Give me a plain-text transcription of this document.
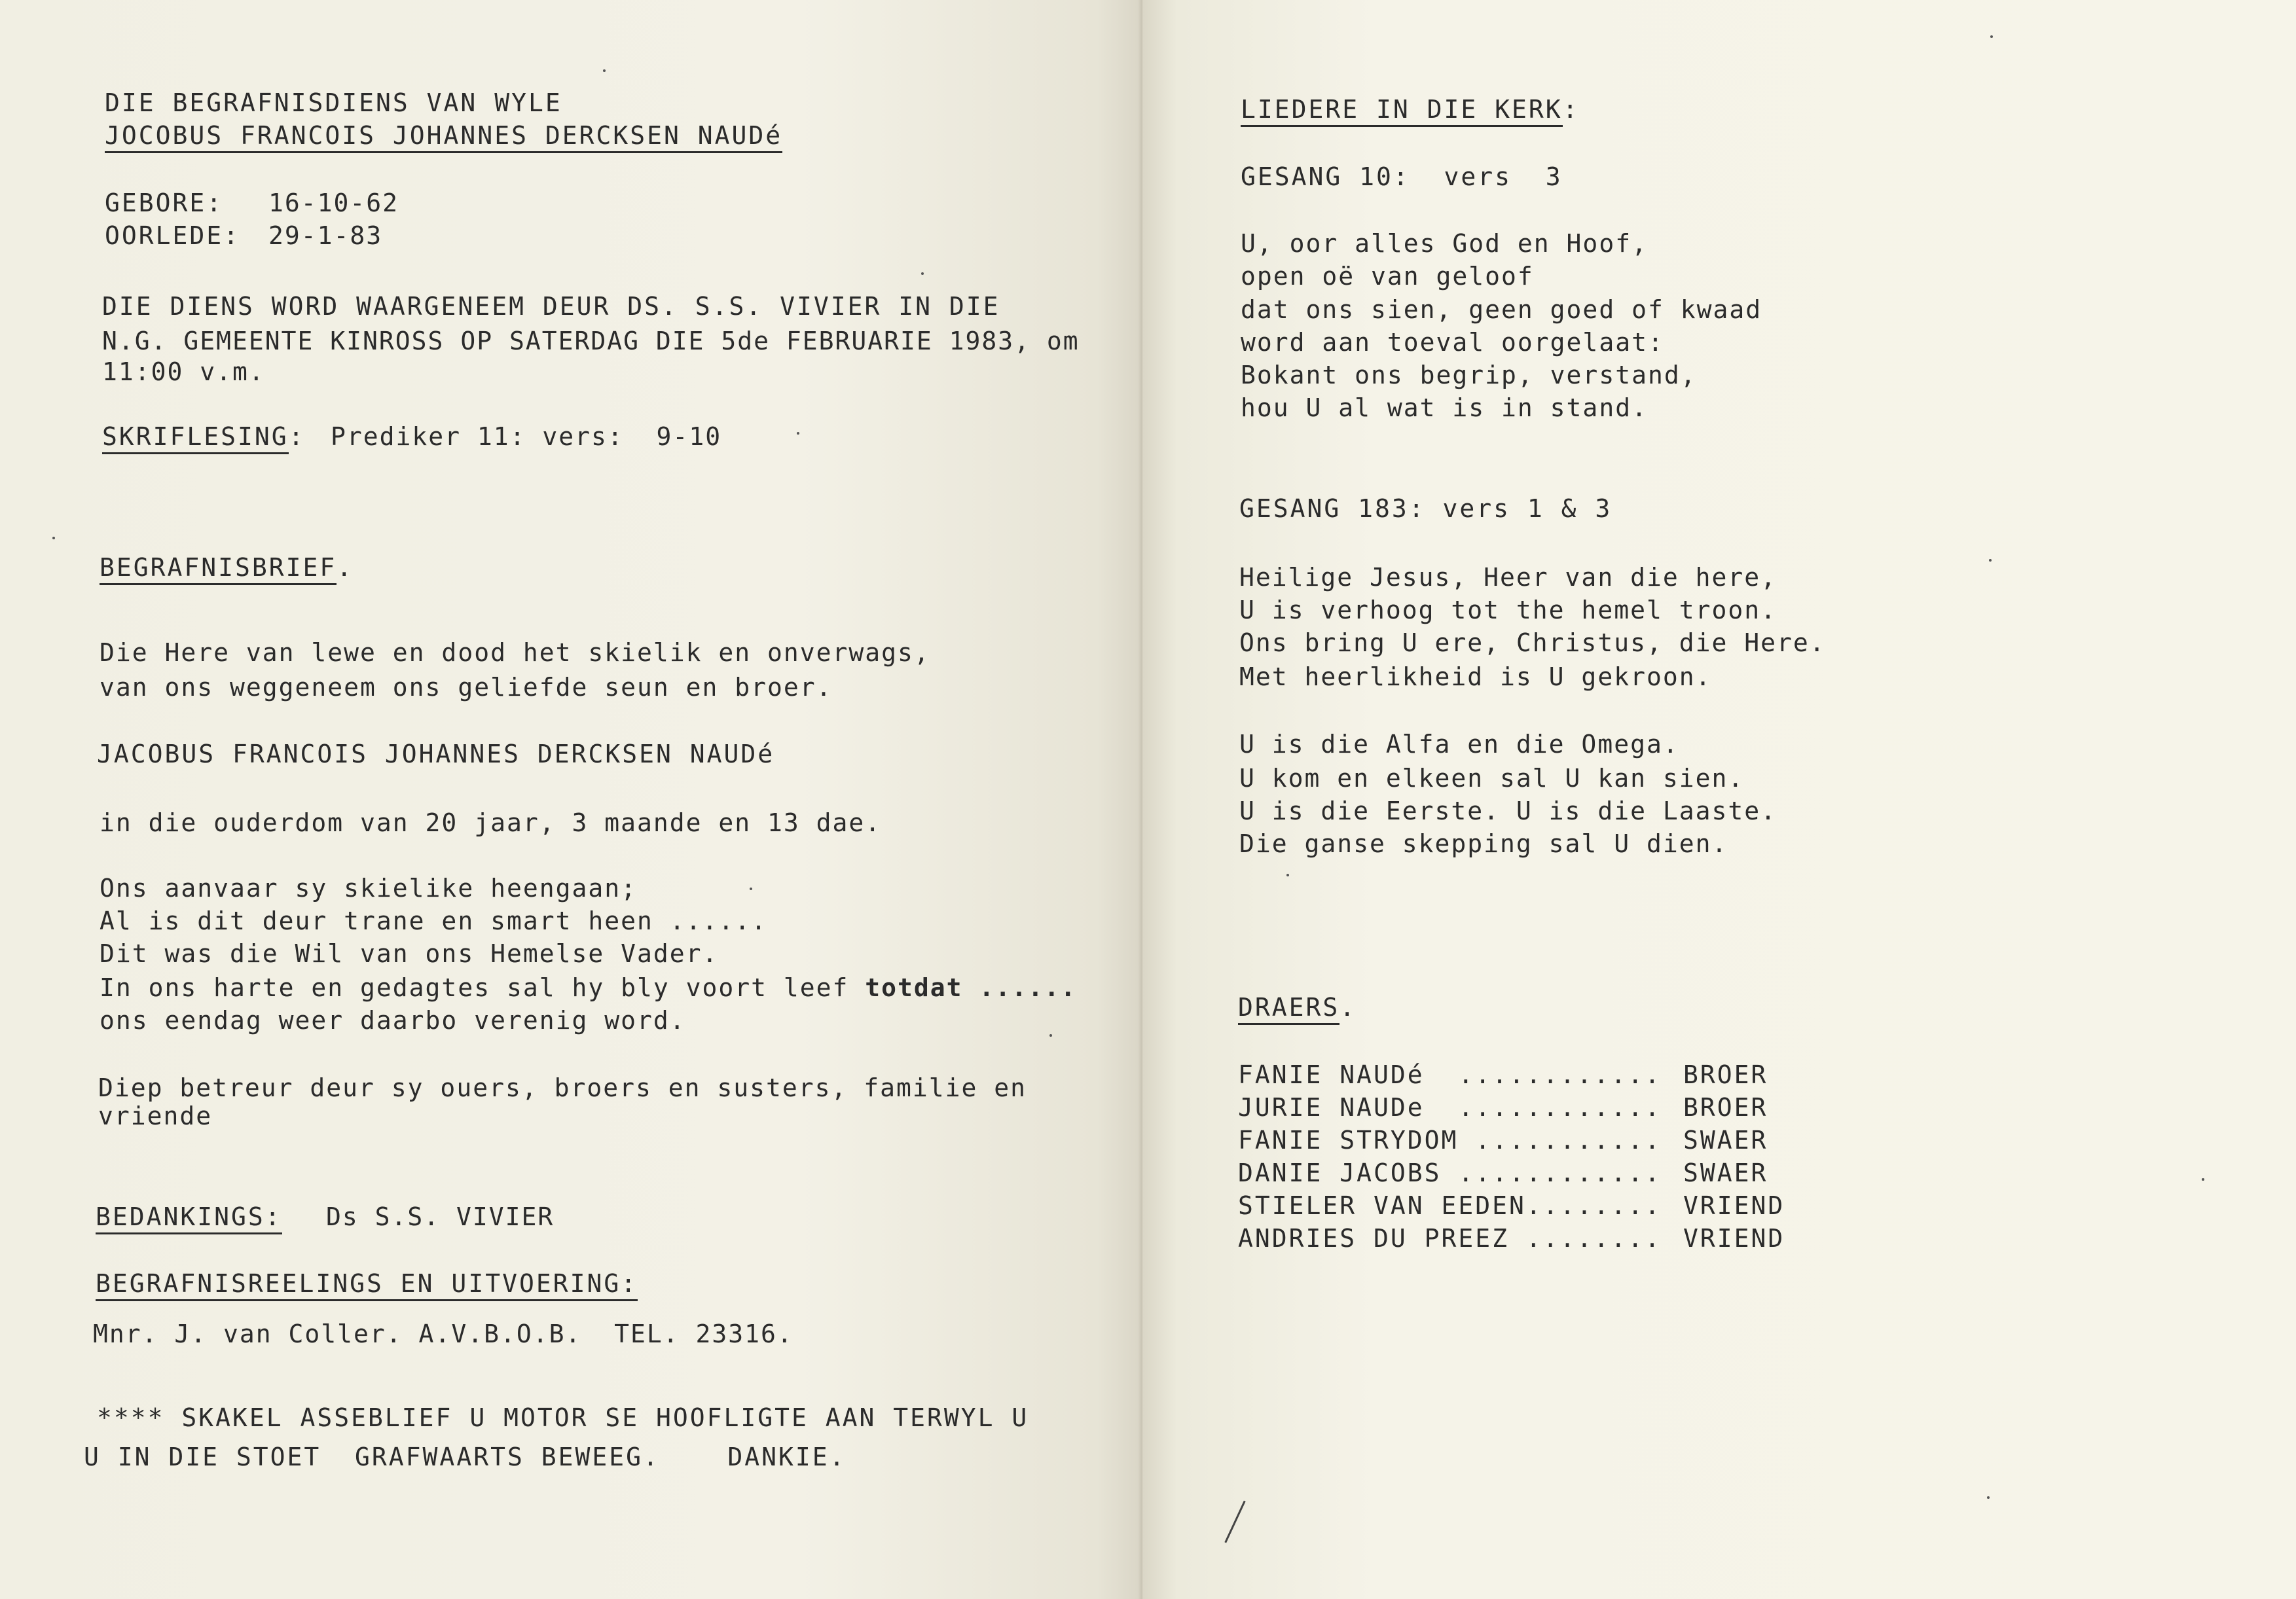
DIE BEGRAFNISDIENS VAN WYLE
JOCOBUS FRANCOIS JOHANNES DERCKSEN NAUDé
GEBORE: 16-10-62
OORLEDE: 29-1-83
DIE DIENS WORD WAARGENEEM DEUR DS. S.S. VIVIER IN DIE
N.G. GEMEENTE KINROSS OP SATERDAG DIE 5de FEBRUARIE 1983, om
11:00 v.m.
SKRIFLESING: Prediker 11: vers:  9-10
BEGRAFNISBRIEF.
Die Here van lewe en dood het skielik en onverwags,
van ons weggeneem ons geliefde seun en broer.
JACOBUS FRANCOIS JOHANNES DERCKSEN NAUDé
in die ouderdom van 20 jaar, 3 maande en 13 dae.
Ons aanvaar sy skielike heengaan;
Al is dit deur trane en smart heen ......
Dit was die Wil van ons Hemelse Vader.
In ons harte en gedagtes sal hy bly voort leef totdat ......
ons eendag weer daarbo verenig word.
Diep betreur deur sy ouers, broers en susters, familie en
vriende
BEDANKINGS: Ds S.S. VIVIER
BEGRAFNISREELINGS EN UITVOERING:
Mnr. J. van Coller. A.V.B.O.B.  TEL. 23316.
**** SKAKEL ASSEBLIEF U MOTOR SE HOOFLIGTE AAN TERWYL U
U IN DIE STOET  GRAFWAARTS BEWEEG.    DANKIE.
LIEDERE IN DIE KERK:
GESANG 10:  vers  3
U, oor alles God en Hoof,
open oë van geloof
dat ons sien, geen goed of kwaad
word aan toeval oorgelaat:
Bokant ons begrip, verstand,
hou U al wat is in stand.
GESANG 183: vers 1 & 3
Heilige Jesus, Heer van die here,
U is verhoog tot the hemel troon.
Ons bring U ere, Christus, die Here.
Met heerlikheid is U gekroon.
U is die Alfa en die Omega.
U kom en elkeen sal U kan sien.
U is die Eerste. U is die Laaste.
Die ganse skepping sal U dien.
DRAERS.
FANIE NAUDé  ............ BROER
JURIE NAUDe  ............ BROER
FANIE STRYDOM ........... SWAER
DANIE JACOBS ............ SWAER
STIELER VAN EEDEN........ VRIEND
ANDRIES DU PREEZ ........ VRIEND
